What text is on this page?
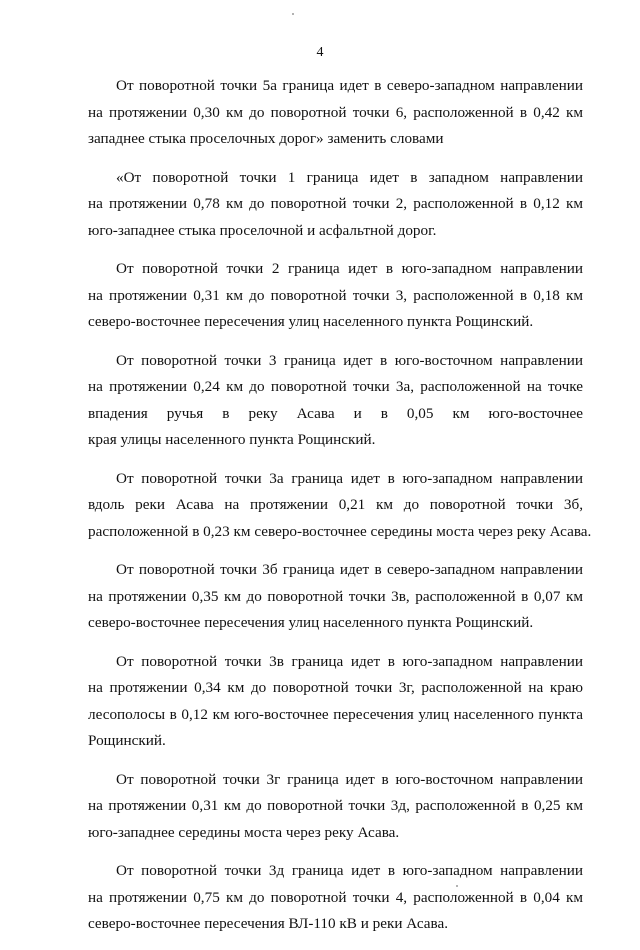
4

От поворотной точки 5а граница идет в северо-западном направлении
на протяжении 0,30 км до поворотной точки 6, расположенной в 0,42 км
западнее стыка проселочных дорог» заменить словами

«От поворотной точки 1 граница идет в западном направлении
на протяжении 0,78 км до поворотной точки 2, расположенной в 0,12 км
юго-западнее стыка проселочной и асфальтной дорог.

От поворотной точки 2 граница идет в юго-западном направлении
на протяжении 0,31 км до поворотной точки 3, расположенной в 0,18 км
северо-восточнее пересечения улиц населенного пункта Рощинский.

От поворотной точки 3 граница идет в юго-восточном направлении
на протяжении 0,24 км до поворотной точки 3а, расположенной на точке
впадения ручья в реку Асава и в 0,05 км юго-восточнее
края улицы населенного пункта Рощинский.

От поворотной точки 3а граница идет в юго-западном направлении
вдоль реки Асава на протяжении 0,21 км до поворотной точки 3б,
расположенной в 0,23 км северо-восточнее середины моста через реку Асава.

От поворотной точки 3б граница идет в северо-западном направлении
на протяжении 0,35 км до поворотной точки 3в, расположенной в 0,07 км
северо-восточнее пересечения улиц населенного пункта Рощинский.

От поворотной точки 3в граница идет в юго-западном направлении
на протяжении 0,34 км до поворотной точки 3г, расположенной на краю
лесополосы в 0,12 км юго-восточнее пересечения улиц населенного пункта
Рощинский.

От поворотной точки 3г граница идет в юго-восточном направлении
на протяжении 0,31 км до поворотной точки 3д, расположенной в 0,25 км
юго-западнее середины моста через реку Асава.

От поворотной точки 3д граница идет в юго-западном направлении
на протяжении 0,75 км до поворотной точки 4, расположенной в 0,04 км
северо-восточнее пересечения ВЛ-110 кВ и реки Асава.
